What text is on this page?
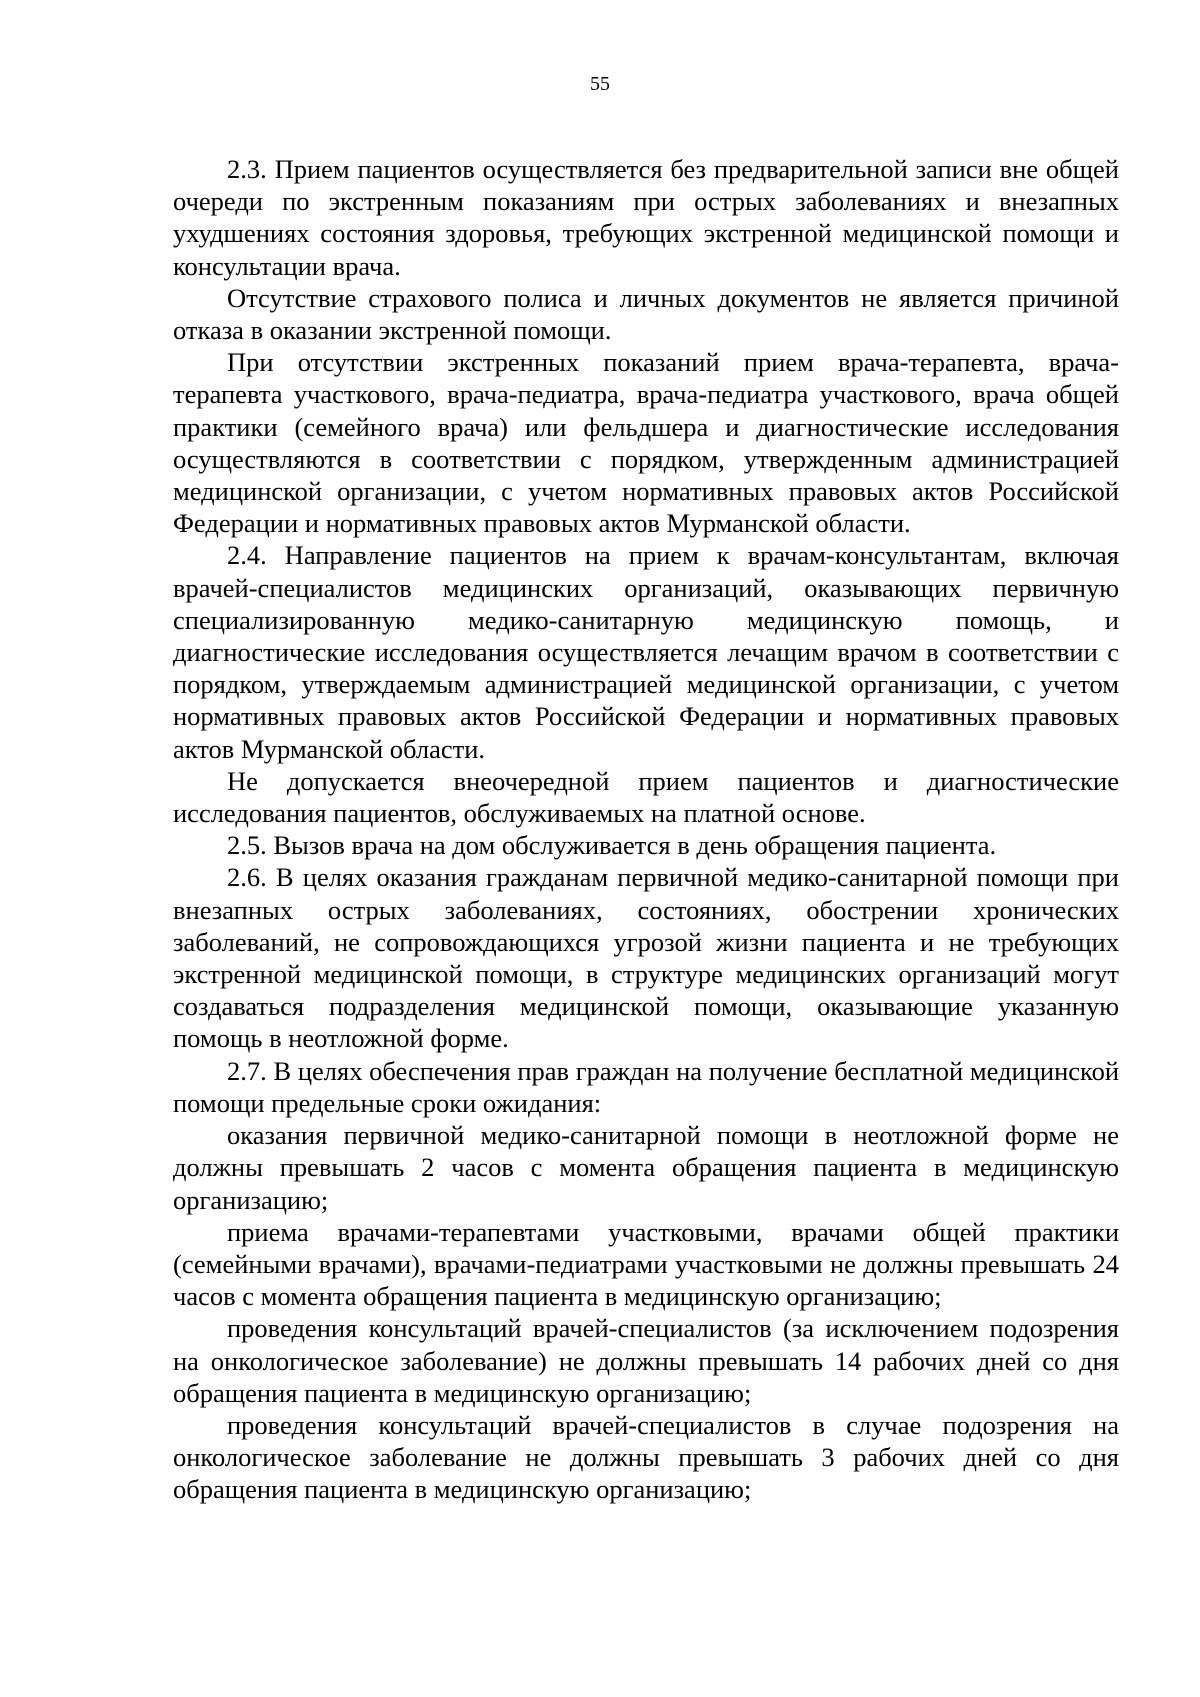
55

2.3. Прием пациентов осуществляется без предварительной записи вне общей очереди по экстренным показаниям при острых заболеваниях и внезапных ухудшениях состояния здоровья, требующих экстренной медицинской помощи и консультации врача.

Отсутствие страхового полиса и личных документов не является причиной отказа в оказании экстренной помощи.

При отсутствии экстренных показаний прием врача-терапевта, врача-терапевта участкового, врача-педиатра, врача-педиатра участкового, врача общей практики (семейного врача) или фельдшера и диагностические исследования осуществляются в соответствии с порядком, утвержденным администрацией медицинской организации, с учетом нормативных правовых актов Российской Федерации и нормативных правовых актов Мурманской области.

2.4. Направление пациентов на прием к врачам-консультантам, включая врачей-специалистов медицинских организаций, оказывающих первичную специализированную медико-санитарную медицинскую помощь, и диагностические исследования осуществляется лечащим врачом в соответствии с порядком, утверждаемым администрацией медицинской организации, с учетом нормативных правовых актов Российской Федерации и нормативных правовых актов Мурманской области.

Не допускается внеочередной прием пациентов и диагностические исследования пациентов, обслуживаемых на платной основе.

2.5. Вызов врача на дом обслуживается в день обращения пациента.

2.6. В целях оказания гражданам первичной медико-санитарной помощи при внезапных острых заболеваниях, состояниях, обострении хронических заболеваний, не сопровождающихся угрозой жизни пациента и не требующих экстренной медицинской помощи, в структуре медицинских организаций могут создаваться подразделения медицинской помощи, оказывающие указанную помощь в неотложной форме.

2.7. В целях обеспечения прав граждан на получение бесплатной медицинской помощи предельные сроки ожидания:

оказания первичной медико-санитарной помощи в неотложной форме не должны превышать 2 часов с момента обращения пациента в медицинскую организацию;

приема врачами-терапевтами участковыми, врачами общей практики (семейными врачами), врачами-педиатрами участковыми не должны превышать 24 часов с момента обращения пациента в медицинскую организацию;

проведения консультаций врачей-специалистов (за исключением подозрения на онкологическое заболевание) не должны превышать 14 рабочих дней со дня обращения пациента в медицинскую организацию;

проведения консультаций врачей-специалистов в случае подозрения на онкологическое заболевание не должны превышать 3 рабочих дней со дня обращения пациента в медицинскую организацию;
